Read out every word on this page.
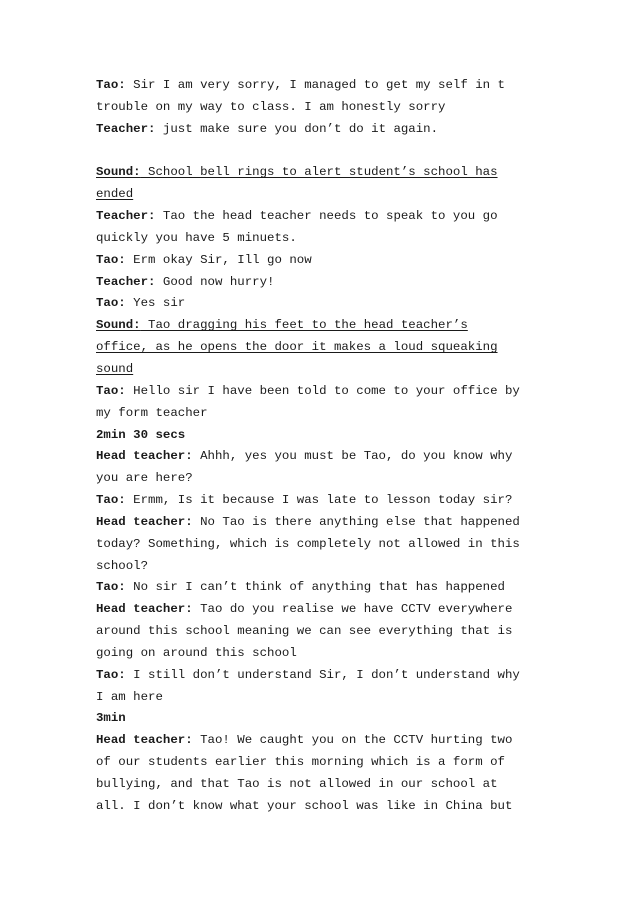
Tao: Sir I am very sorry, I managed to get my self in t
trouble on my way to class. I am honestly sorry
Teacher: just make sure you don’t do it again.
Sound: School bell rings to alert student’s school has
ended
Teacher: Tao the head teacher needs to speak to you go
quickly you have 5 minuets.
Tao: Erm okay Sir, Ill go now
Teacher: Good now hurry!
Tao: Yes sir
Sound: Tao dragging his feet to the head teacher’s
office, as he opens the door it makes a loud squeaking
sound
Tao: Hello sir I have been told to come to your office by
my form teacher
2min 30 secs
Head teacher: Ahhh, yes you must be Tao, do you know why
you are here?
Tao: Ermm, Is it because I was late to lesson today sir?
Head teacher: No Tao is there anything else that happened
today? Something, which is completely not allowed in this
school?
Tao: No sir I can’t think of anything that has happened
Head teacher: Tao do you realise we have CCTV everywhere
around this school meaning we can see everything that is
going on around this school
Tao: I still don’t understand Sir, I don’t understand why
I am here
3min
Head teacher: Tao! We caught you on the CCTV hurting two
of our students earlier this morning which is a form of
bullying, and that Tao is not allowed in our school at
all. I don’t know what your school was like in China but
